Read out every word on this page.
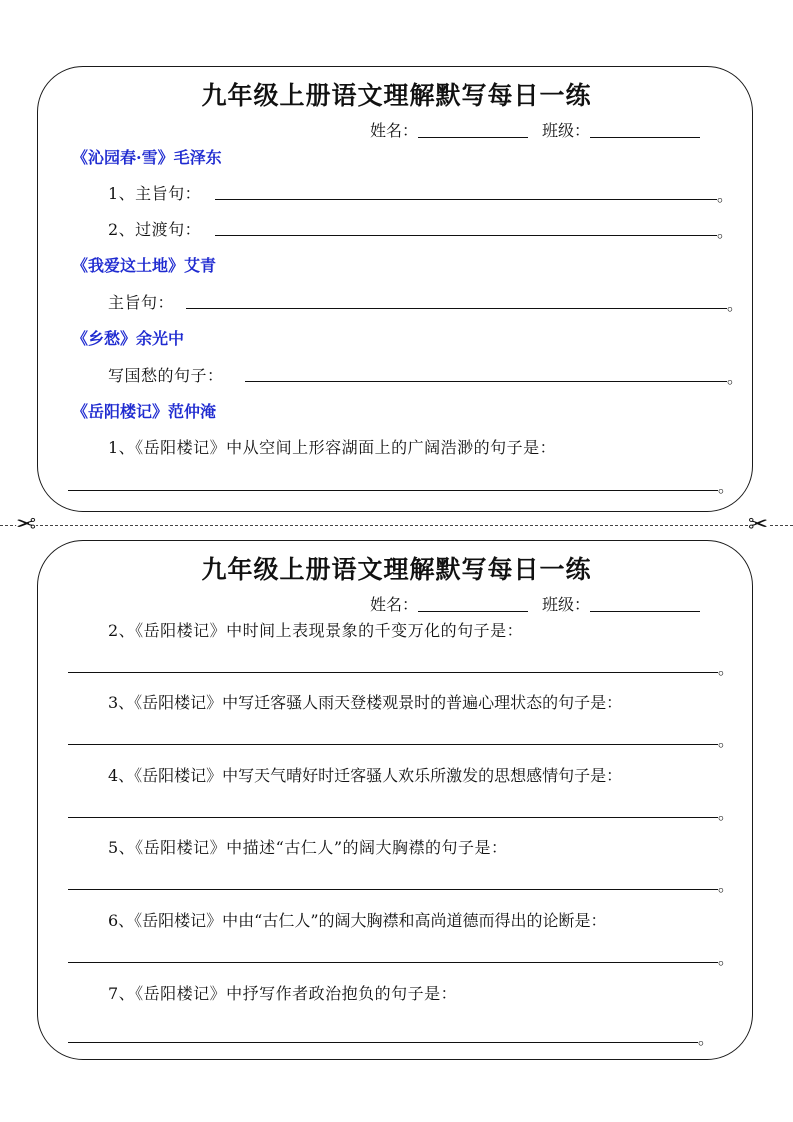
九年级上册语文理解默写每日一练
姓名：	班级：
《沁园春·雪》毛泽东
1、主旨句：	。
2、过渡句：	。
《我爱这土地》艾青
主旨句：	。
《乡愁》余光中
写国愁的句子：	。
《岳阳楼记》范仲淹
1、《岳阳楼记》中从空间上形容湖面上的广阔浩渺的句子是：
。
✂	✂
九年级上册语文理解默写每日一练
姓名：	班级：
2、《岳阳楼记》中时间上表现景象的千变万化的句子是：
。
3、《岳阳楼记》中写迁客骚人雨天登楼观景时的普遍心理状态的句子是：
。
4、《岳阳楼记》中写天气晴好时迁客骚人欢乐所激发的思想感情句子是：
。
5、《岳阳楼记》中描述“古仁人”的阔大胸襟的句子是：
。
6、《岳阳楼记》中由“古仁人”的阔大胸襟和高尚道德而得出的论断是：
。
7、《岳阳楼记》中抒写作者政治抱负的句子是：
。
